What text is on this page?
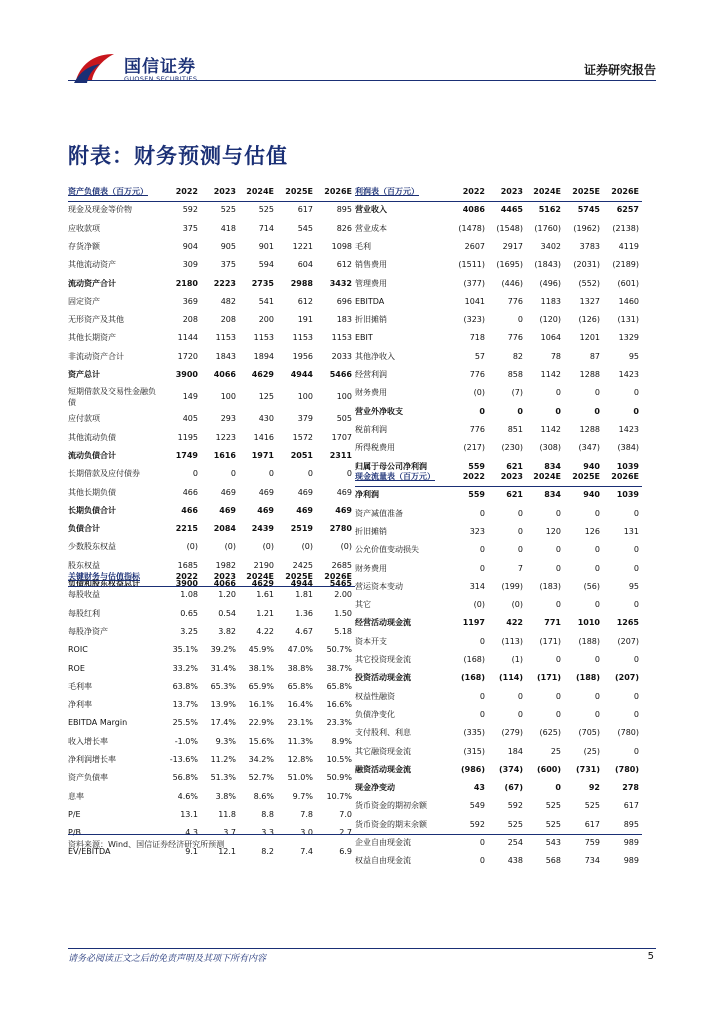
国信证券
GUOSEN SECURITIES
证券研究报告
附表：财务预测与估值
资产负债表（百万元）	2022	2023	2024E	2025E	2026E
现金及现金等价物	592	525	525	617	895
应收款项	375	418	714	545	826
存货净额	904	905	901	1221	1098
其他流动资产	309	375	594	604	612
流动资产合计	2180	2223	2735	2988	3432
固定资产	369	482	541	612	696
无形资产及其他	208	208	200	191	183
其他长期资产	1144	1153	1153	1153	1153
非流动资产合计	1720	1843	1894	1956	2033
资产总计	3900	4066	4629	4944	5466
短期借款及交易性金融负债
149	100	125	100	100
应付款项	405	293	430	379	505
其他流动负债	1195	1223	1416	1572	1707
流动负债合计	1749	1616	1971	2051	2311
长期借款及应付债券	0	0	0	0	0
其他长期负债	466	469	469	469	469
长期负债合计	466	469	469	469	469
负债合计	2215	2084	2439	2519	2780
少数股东权益	(0)	(0)	(0)	(0)	(0)
股东权益	1685	1982	2190	2425	2685
负债和股东权益总计	3900	4066	4629	4944	5465
关键财务与估值指标	2022	2023	2024E	2025E	2026E
每股收益	1.08	1.20	1.61	1.81	2.00
每股红利	0.65	0.54	1.21	1.36	1.50
每股净资产	3.25	3.82	4.22	4.67	5.18
ROIC	35.1%	39.2%	45.9%	47.0%	50.7%
ROE	33.2%	31.4%	38.1%	38.8%	38.7%
毛利率	63.8%	65.3%	65.9%	65.8%	65.8%
净利率	13.7%	13.9%	16.1%	16.4%	16.6%
EBITDA Margin	25.5%	17.4%	22.9%	23.1%	23.3%
收入增长率	-1.0%	9.3%	15.6%	11.3%	8.9%
净利润增长率	-13.6%	11.2%	34.2%	12.8%	10.5%
资产负债率	56.8%	51.3%	52.7%	51.0%	50.9%
息率	4.6%	3.8%	8.6%	9.7%	10.7%
P/E	13.1	11.8	8.8	7.8	7.0
P/B	4.3	3.7	3.3	3.0	2.7
EV/EBITDA	9.1	12.1	8.2	7.4	6.9
利润表（百万元）	2022	2023	2024E	2025E	2026E
营业收入	4086	4465	5162	5745	6257
营业成本	(1478)	(1548)	(1760)	(1962)	(2138)
毛利	2607	2917	3402	3783	4119
销售费用	(1511)	(1695)	(1843)	(2031)	(2189)
管理费用	(377)	(446)	(496)	(552)	(601)
EBITDA	1041	776	1183	1327	1460
折旧摊销	(323)	0	(120)	(126)	(131)
EBIT	718	776	1064	1201	1329
其他净收入	57	82	78	87	95
经营利润	776	858	1142	1288	1423
财务费用	(0)	(7)	0	0	0
营业外净收支	0	0	0	0	0
税前利润	776	851	1142	1288	1423
所得税费用	(217)	(230)	(308)	(347)	(384)
归属于母公司净利润	559	621	834	940	1039
现金流量表（百万元）	2022	2023	2024E	2025E	2026E
净利润	559	621	834	940	1039
资产减值准备	0	0	0	0	0
折旧摊销	323	0	120	126	131
公允价值变动损失	0	0	0	0	0
财务费用	0	7	0	0	0
营运资本变动	314	(199)	(183)	(56)	95
其它	(0)	(0)	0	0	0
经营活动现金流	1197	422	771	1010	1265
资本开支	0	(113)	(171)	(188)	(207)
其它投资现金流	(168)	(1)	0	0	0
投资活动现金流	(168)	(114)	(171)	(188)	(207)
权益性融资	0	0	0	0	0
负债净变化	0	0	0	0	0
支付股利、利息	(335)	(279)	(625)	(705)	(780)
其它融资现金流	(315)	184	25	(25)	0
融资活动现金流	(986)	(374)	(600)	(731)	(780)
现金净变动	43	(67)	0	92	278
货币资金的期初余额	549	592	525	525	617
货币资金的期末余额	592	525	525	617	895
企业自由现金流	0	254	543	759	989
权益自由现金流	0	438	568	734	989
资料来源：Wind、国信证券经济研究所预测
请务必阅读正文之后的免责声明及其项下所有内容	5
